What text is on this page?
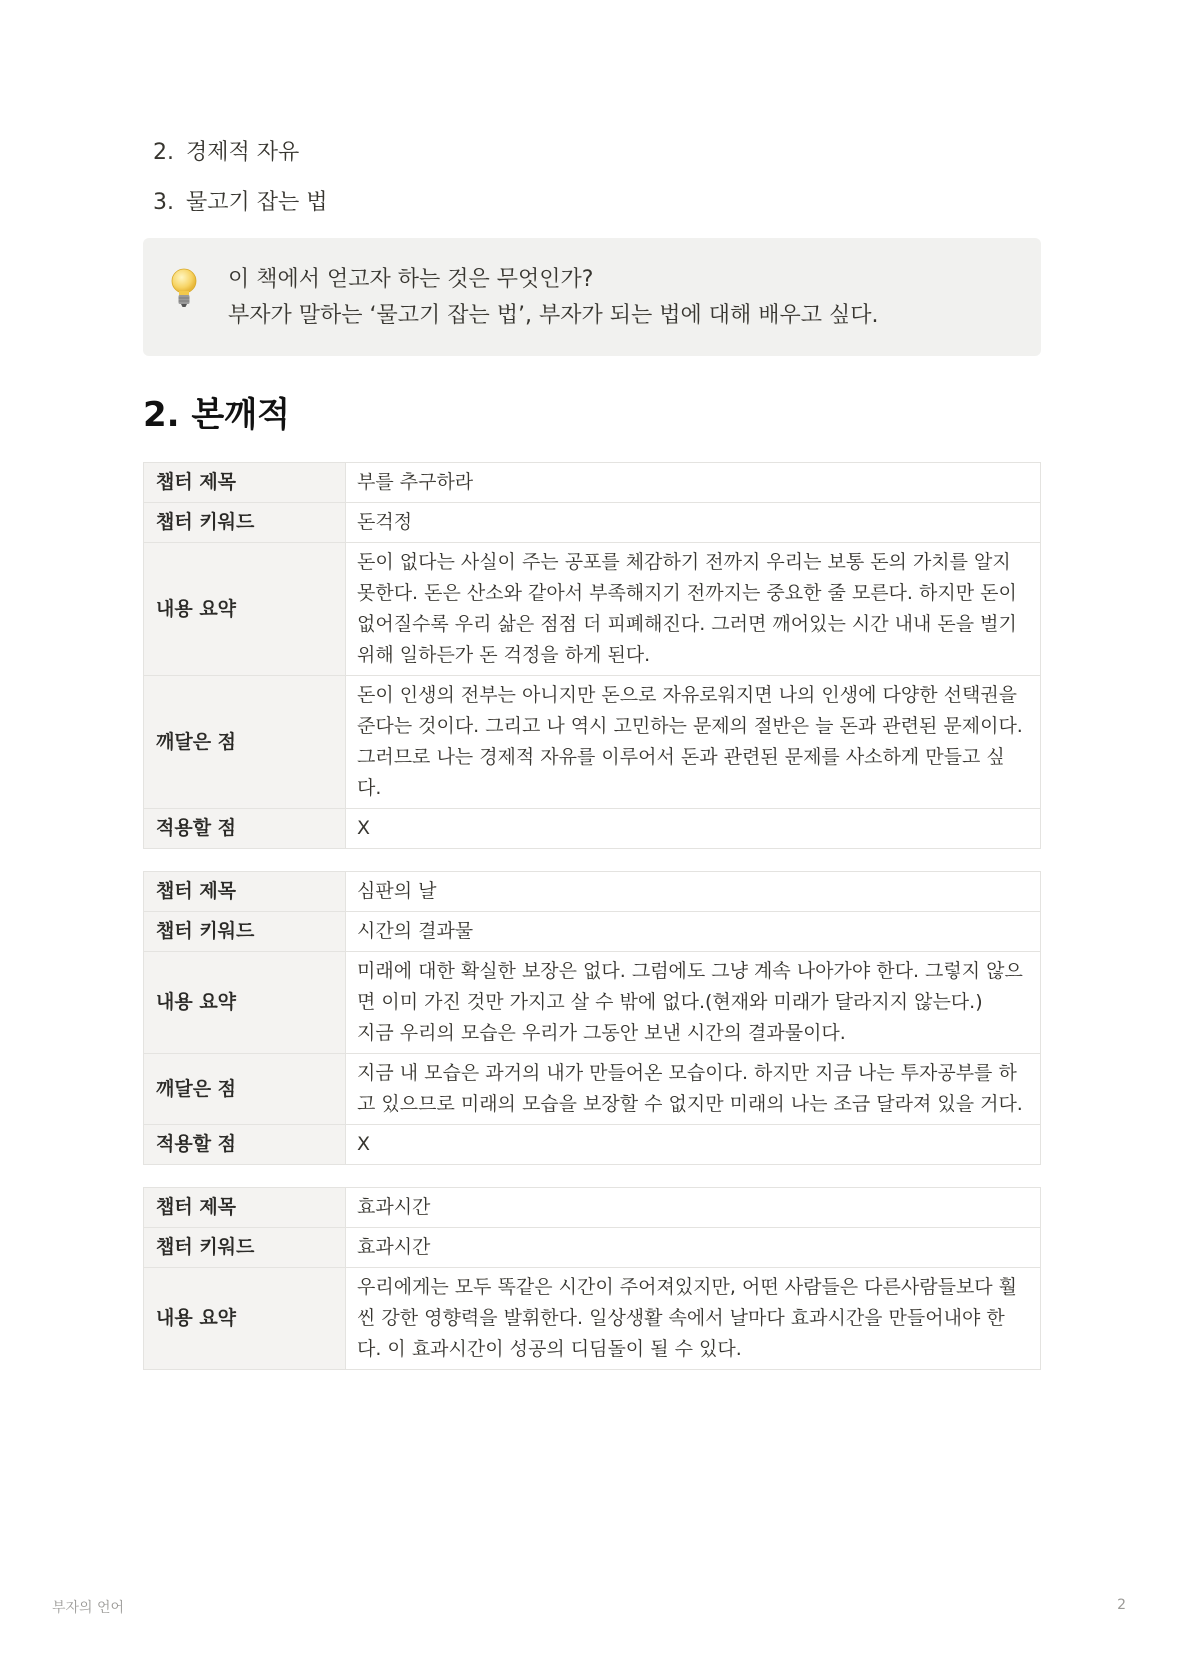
2. 경제적 자유
3. 물고기 잡는 법

이 책에서 얻고자 하는 것은 무엇인가?

부자가 말하는 ‘물고기 잡는 법’, 부자가 되는 법에 대해 배우고 싶다.

2. 본깨적
챕터 제목	부를 추구하라
챕터 키워드	돈걱정
내용 요약	돈이 없다는 사실이 주는 공포를 체감하기 전까지 우리는 보통 돈의 가치를 알지 못한다. 돈은 산소와 같아서 부족해지기 전까지는 중요한 줄 모른다. 하지만 돈이 없어질수록 우리 삶은 점점 더 피폐해진다. 그러면 깨어있는 시간 내내 돈을 벌기 위해 일하든가 돈 걱정을 하게 된다.
깨달은 점	돈이 인생의 전부는 아니지만 돈으로 자유로워지면 나의 인생에 다양한 선택권을 준다는 것이다. 그리고 나 역시 고민하는 문제의 절반은 늘 돈과 관련된 문제이다.
그러므로 나는 경제적 자유를 이루어서 돈과 관련된 문제를 사소하게 만들고 싶다.
적용할 점	X
챕터 제목	심판의 날
챕터 키워드	시간의 결과물
내용 요약	미래에 대한 확실한 보장은 없다. 그럼에도 그냥 계속 나아가야 한다. 그렇지 않으면 이미 가진 것만 가지고 살 수 밖에 없다.(현재와 미래가 달라지지 않는다.)
지금 우리의 모습은 우리가 그동안 보낸 시간의 결과물이다.
깨달은 점	지금 내 모습은 과거의 내가 만들어온 모습이다. 하지만 지금 나는 투자공부를 하고 있으므로 미래의 모습을 보장할 수 없지만 미래의 나는 조금 달라져 있을 거다.
적용할 점	X
챕터 제목	효과시간
챕터 키워드	효과시간
내용 요약	우리에게는 모두 똑같은 시간이 주어져있지만, 어떤 사람들은 다른사람들보다 훨씬 강한 영향력을 발휘한다. 일상생활 속에서 날마다 효과시간을 만들어내야 한다. 이 효과시간이 성공의 디딤돌이 될 수 있다.
부자의 언어	2
